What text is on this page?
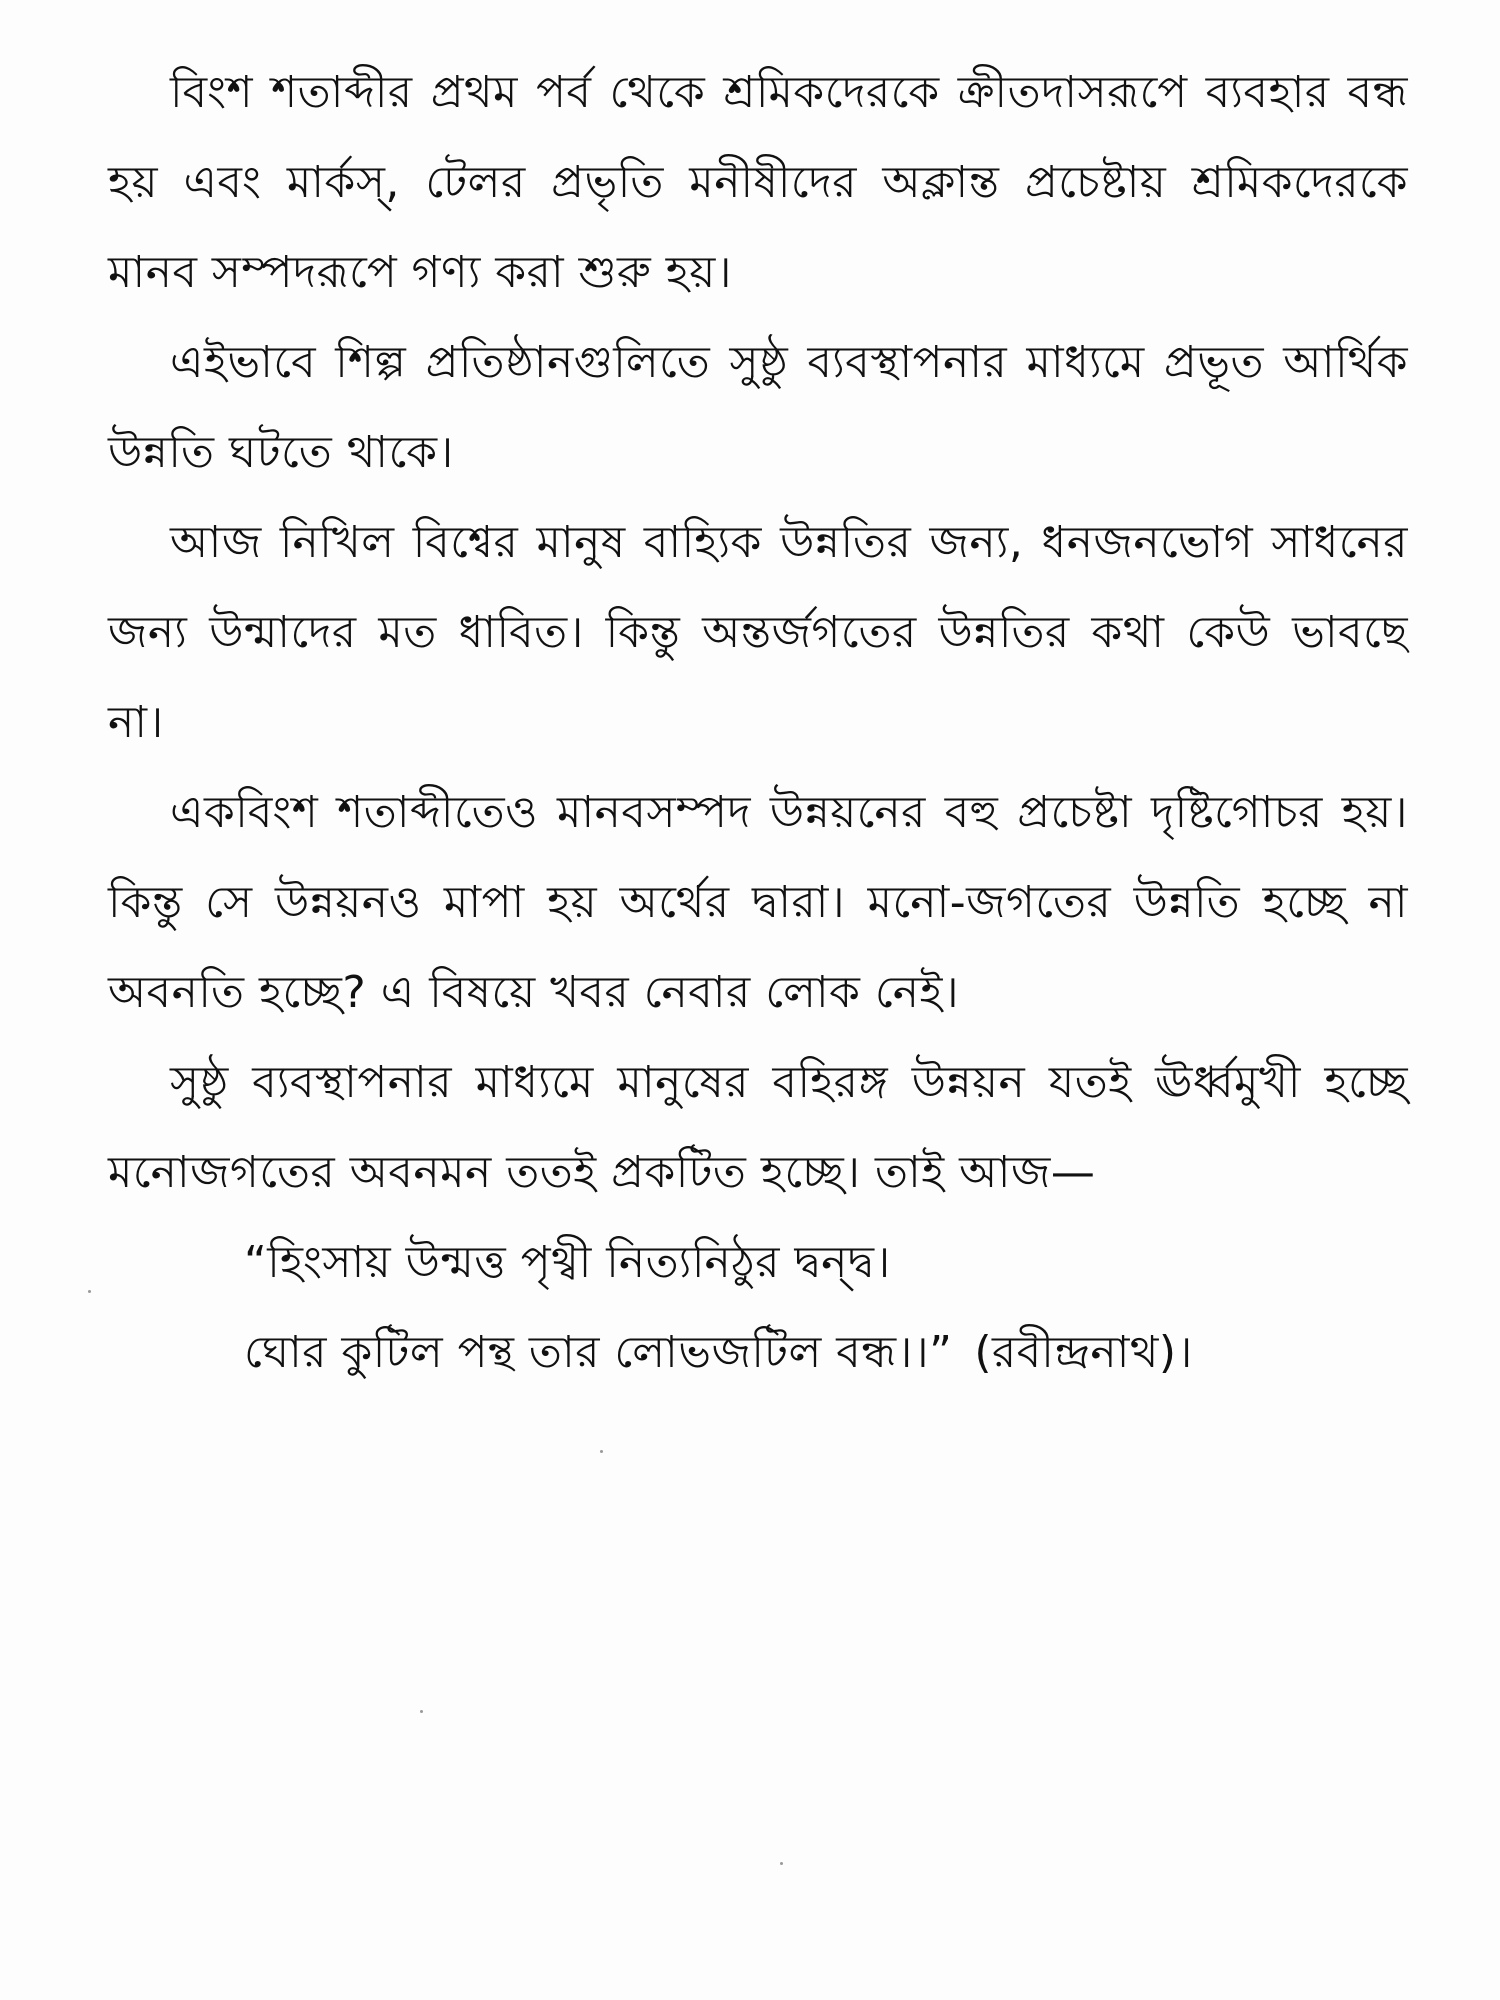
বিংশ শতাব্দীর প্রথম পর্ব থেকে শ্রমিকদেরকে ক্রীতদাসরূপে ব্যবহার বন্ধ হয় এবং মার্কস্, টেলর প্রভৃতি মনীষীদের অক্লান্ত প্রচেষ্টায় শ্রমিকদেরকে মানব সম্পদরূপে গণ্য করা শুরু হয়।

এইভাবে শিল্প প্রতিষ্ঠানগুলিতে সুষ্ঠু ব্যবস্থাপনার মাধ্যমে প্রভূত আর্থিক উন্নতি ঘটতে থাকে।

আজ নিখিল বিশ্বের মানুষ বাহ্যিক উন্নতির জন্য, ধনজনভোগ সাধনের জন্য উন্মাদের মত ধাবিত। কিন্তু অন্তর্জগতের উন্নতির কথা কেউ ভাবছে না।

একবিংশ শতাব্দীতেও মানবসম্পদ উন্নয়নের বহু প্রচেষ্টা দৃষ্টিগোচর হয়। কিন্তু সে উন্নয়নও মাপা হয় অর্থের দ্বারা। মনো-জগতের উন্নতি হচ্ছে না অবনতি হচ্ছে? এ বিষয়ে খবর নেবার লোক নেই।

সুষ্ঠু ব্যবস্থাপনার মাধ্যমে মানুষের বহিরঙ্গ উন্নয়ন যতই ঊর্ধ্বমুখী হচ্ছে মনোজগতের অবনমন ততই প্রকটিত হচ্ছে। তাই আজ—

“হিংসায় উন্মত্ত পৃথ্বী নিত্যনিঠুর দ্বন্দ্ব।

ঘোর কুটিল পন্থ তার লোভজটিল বন্ধ।।” (রবীন্দ্রনাথ)।
